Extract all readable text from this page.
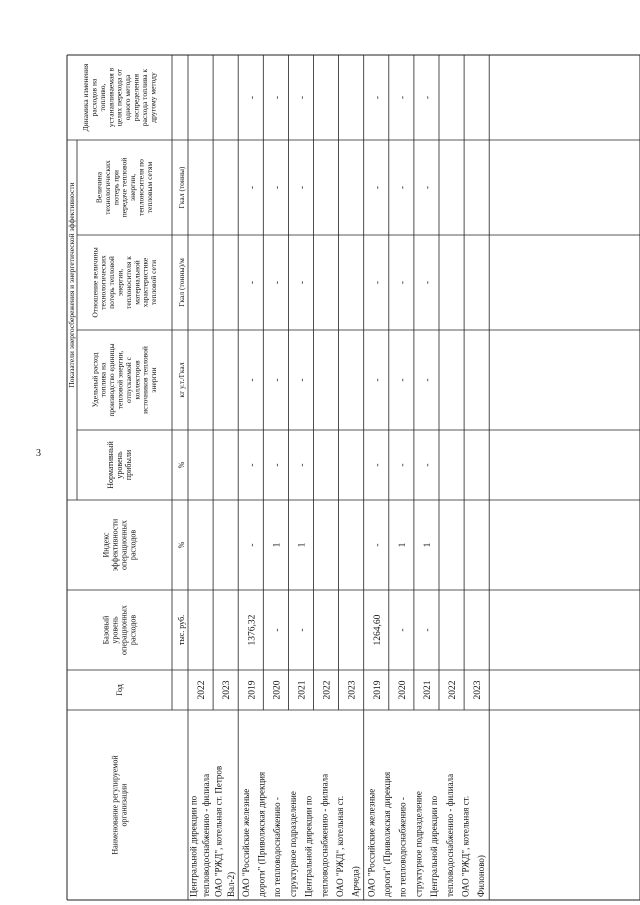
3
Наименование регулируемой организации
Год
Базовый уровень операционных расходов
Индекс эффективности операционных расходов
Нормативный уровень прибыли
Показатели энергосбережения и энергетической эффективности Удельный расход топлива на производство единицы тепловой энергии, отпускаемой с коллекторов источников тепловой энергии
Отношение величины технологических потерь тепловой энергии, теплоносителя к материальной характеристике тепловой сети
Величина технологических потерь при передаче тепловой энергии, теплоносителя по тепловым сетям
Динамика изменения расходов на топливо, устанавливаемая в целях перехода от одного метода распределения расхода топлива к другому методу
тыс. руб.
%
%
кг у.т./Гкал
Гкал (тонны)/м
Гкал (тонны)
2022 2023
Центральной дирекции по тепловодоснабжению - филиала ОАО "РЖД", котельная ст. Петров Вал-2)
2019
1376,32
-
-
-
-
-
-
2020
-
1
-
-
-
-
-
2021
-
1
-
-
-
-
-
2022 2023
ОАО "Российские железные дороги" (Приволжская дирекция по тепловодоснабжению - структурное подразделение Центральной дирекции по тепловодоснабжению - филиала ОАО "РЖД", котельная ст. Арчеда)
2019
1264,60
-
-
-
-
-
-
2020
-
1
-
-
-
-
-
2021
-
1
-
-
-
-
-
2022 2023
ОАО "Российские железные дороги" (Приволжская дирекция по тепловодоснабжению - структурное подразделение Центральной дирекции по тепловодоснабжению - филиала ОАО "РЖД", котельная ст. Филоново)
